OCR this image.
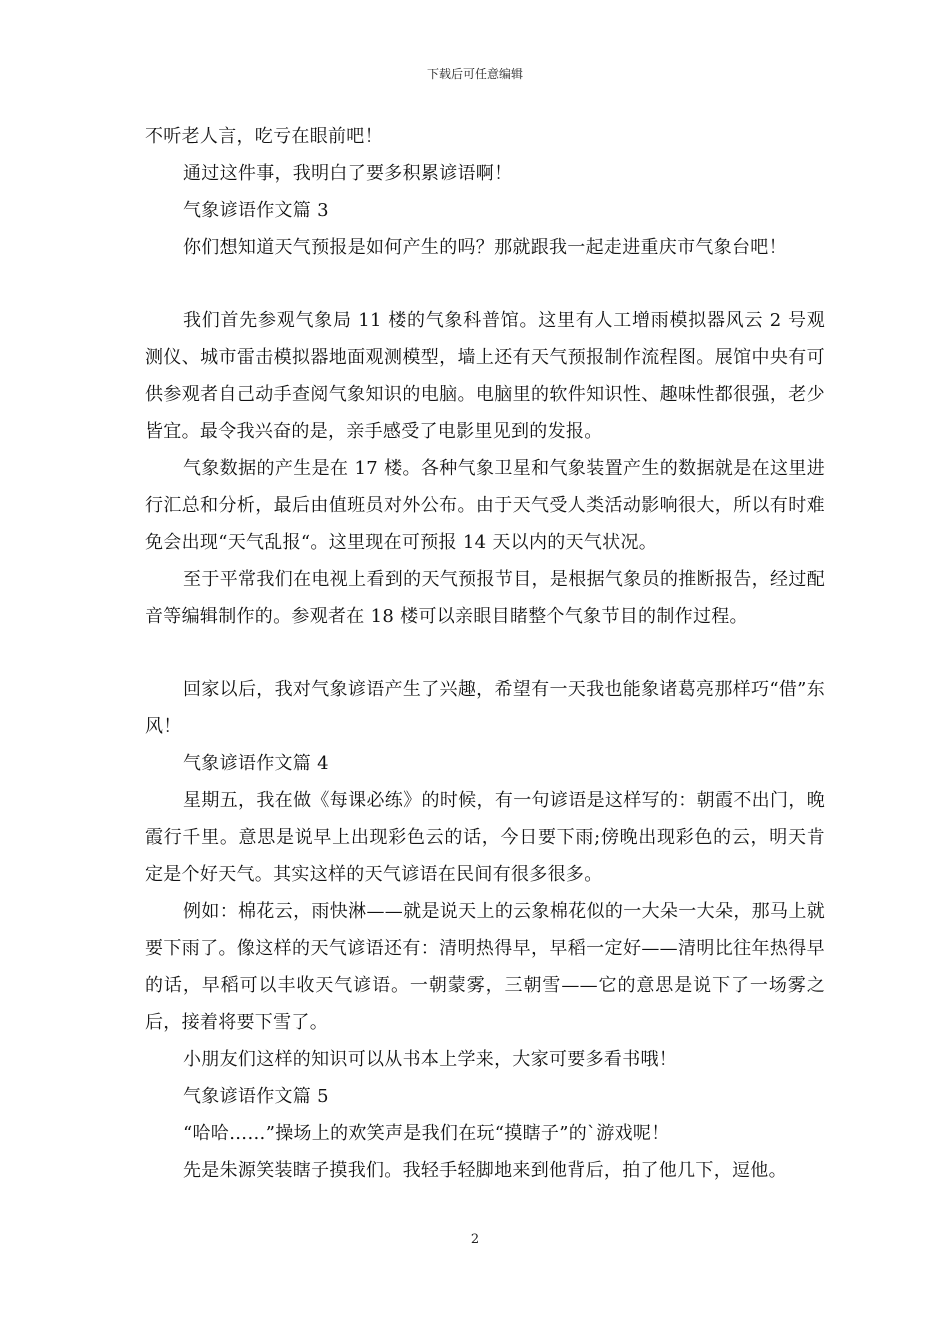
下载后可任意编辑

不听老人言，吃亏在眼前吧！

通过这件事，我明白了要多积累谚语啊！

气象谚语作文篇 3

你们想知道天气预报是如何产生的吗？那就跟我一起走进重庆市气象台吧！

我们首先参观气象局 11 楼的气象科普馆。这里有人工增雨模拟器风云 2 号观测仪、城市雷击模拟器地面观测模型，墙上还有天气预报制作流程图。展馆中央有可供参观者自己动手查阅气象知识的电脑。电脑里的软件知识性、趣味性都很强，老少皆宜。最令我兴奋的是，亲手感受了电影里见到的发报。

气象数据的产生是在 17 楼。各种气象卫星和气象装置产生的数据就是在这里进行汇总和分析，最后由值班员对外公布。由于天气受人类活动影响很大，所以有时难免会出现“天气乱报“。这里现在可预报 14 天以内的天气状况。

至于平常我们在电视上看到的天气预报节目，是根据气象员的推断报告，经过配音等编辑制作的。参观者在 18 楼可以亲眼目睹整个气象节目的制作过程。

回家以后，我对气象谚语产生了兴趣，希望有一天我也能象诸葛亮那样巧“借”东风！

气象谚语作文篇 4

星期五，我在做《每课必练》的时候，有一句谚语是这样写的：朝霞不出门，晚霞行千里。意思是说早上出现彩色云的话，今日要下雨;傍晚出现彩色的云，明天肯定是个好天气。其实这样的天气谚语在民间有很多很多。

例如：棉花云，雨快淋——就是说天上的云象棉花似的一大朵一大朵，那马上就要下雨了。像这样的天气谚语还有：清明热得早，早稻一定好——清明比往年热得早的话，早稻可以丰收天气谚语。一朝蒙雾，三朝雪——它的意思是说下了一场雾之后，接着将要下雪了。

小朋友们这样的知识可以从书本上学来，大家可要多看书哦！

气象谚语作文篇 5

“哈哈……”操场上的欢笑声是我们在玩“摸瞎子”的`游戏呢！

先是朱源笑装瞎子摸我们。我轻手轻脚地来到他背后，拍了他几下，逗他。

2
